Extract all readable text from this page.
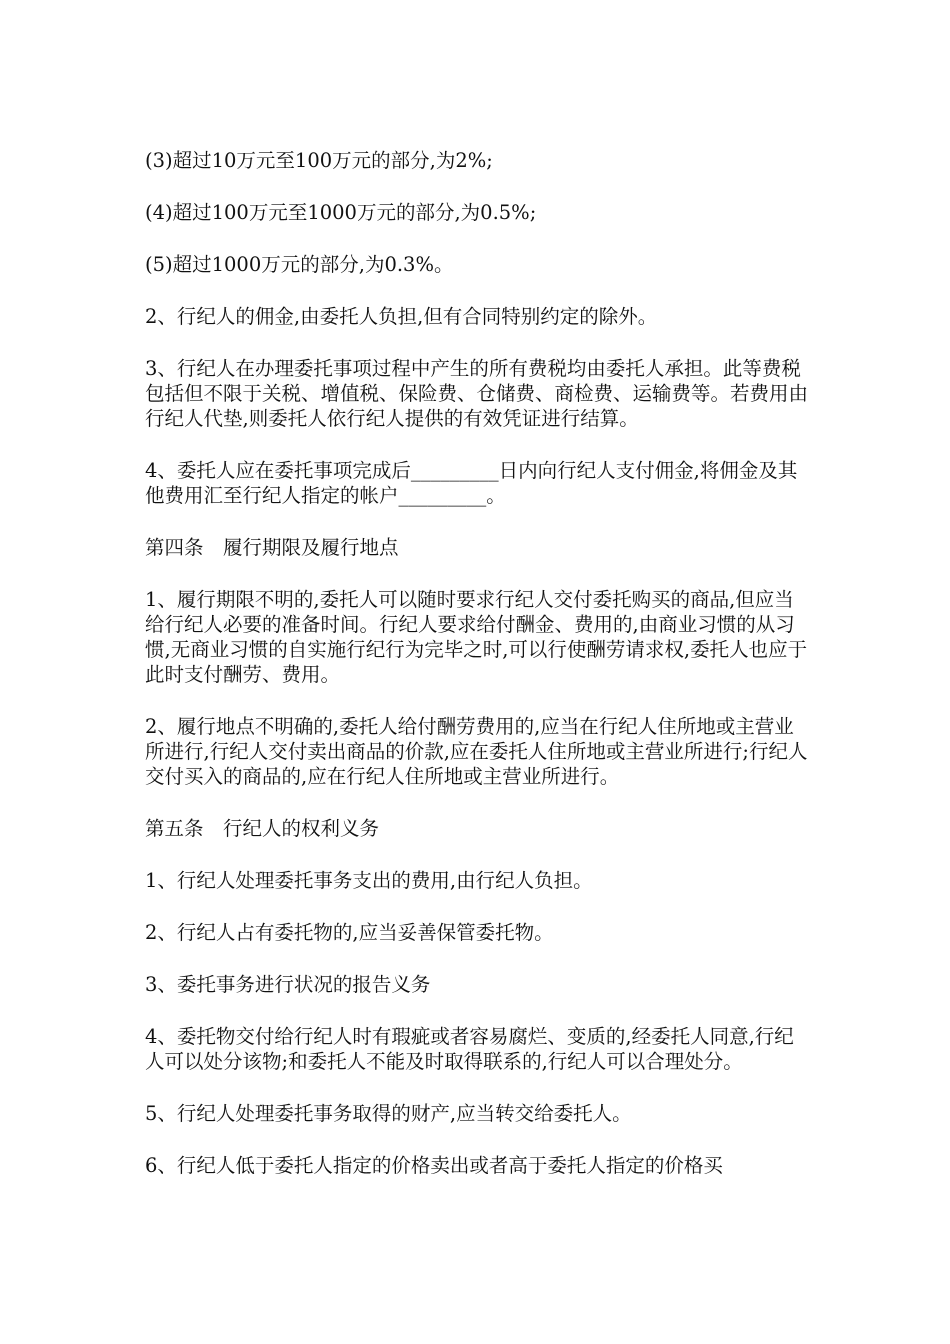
(3)超过10万元至100万元的部分,为2%;

(4)超过100万元至1000万元的部分,为0.5%;

(5)超过1000万元的部分,为0.3%。

2、行纪人的佣金,由委托人负担,但有合同特别约定的除外。

3、行纪人在办理委托事项过程中产生的所有费税均由委托人承担。此等费税包括但不限于关税、增值税、保险费、仓储费、商检费、运输费等。若费用由行纪人代垫,则委托人依行纪人提供的有效凭证进行结算。

4、委托人应在委托事项完成后_________日内向行纪人支付佣金,将佣金及其他费用汇至行纪人指定的帐户_________。

第四条　履行期限及履行地点

1、履行期限不明的,委托人可以随时要求行纪人交付委托购买的商品,但应当给行纪人必要的准备时间。行纪人要求给付酬金、费用的,由商业习惯的从习惯,无商业习惯的自实施行纪行为完毕之时,可以行使酬劳请求权,委托人也应于此时支付酬劳、费用。

2、履行地点不明确的,委托人给付酬劳费用的,应当在行纪人住所地或主营业所进行,行纪人交付卖出商品的价款,应在委托人住所地或主营业所进行;行纪人交付买入的商品的,应在行纪人住所地或主营业所进行。

第五条　行纪人的权利义务

1、行纪人处理委托事务支出的费用,由行纪人负担。

2、行纪人占有委托物的,应当妥善保管委托物。

3、委托事务进行状况的报告义务

4、委托物交付给行纪人时有瑕疵或者容易腐烂、变质的,经委托人同意,行纪人可以处分该物;和委托人不能及时取得联系的,行纪人可以合理处分。

5、行纪人处理委托事务取得的财产,应当转交给委托人。

6、行纪人低于委托人指定的价格卖出或者高于委托人指定的价格买
